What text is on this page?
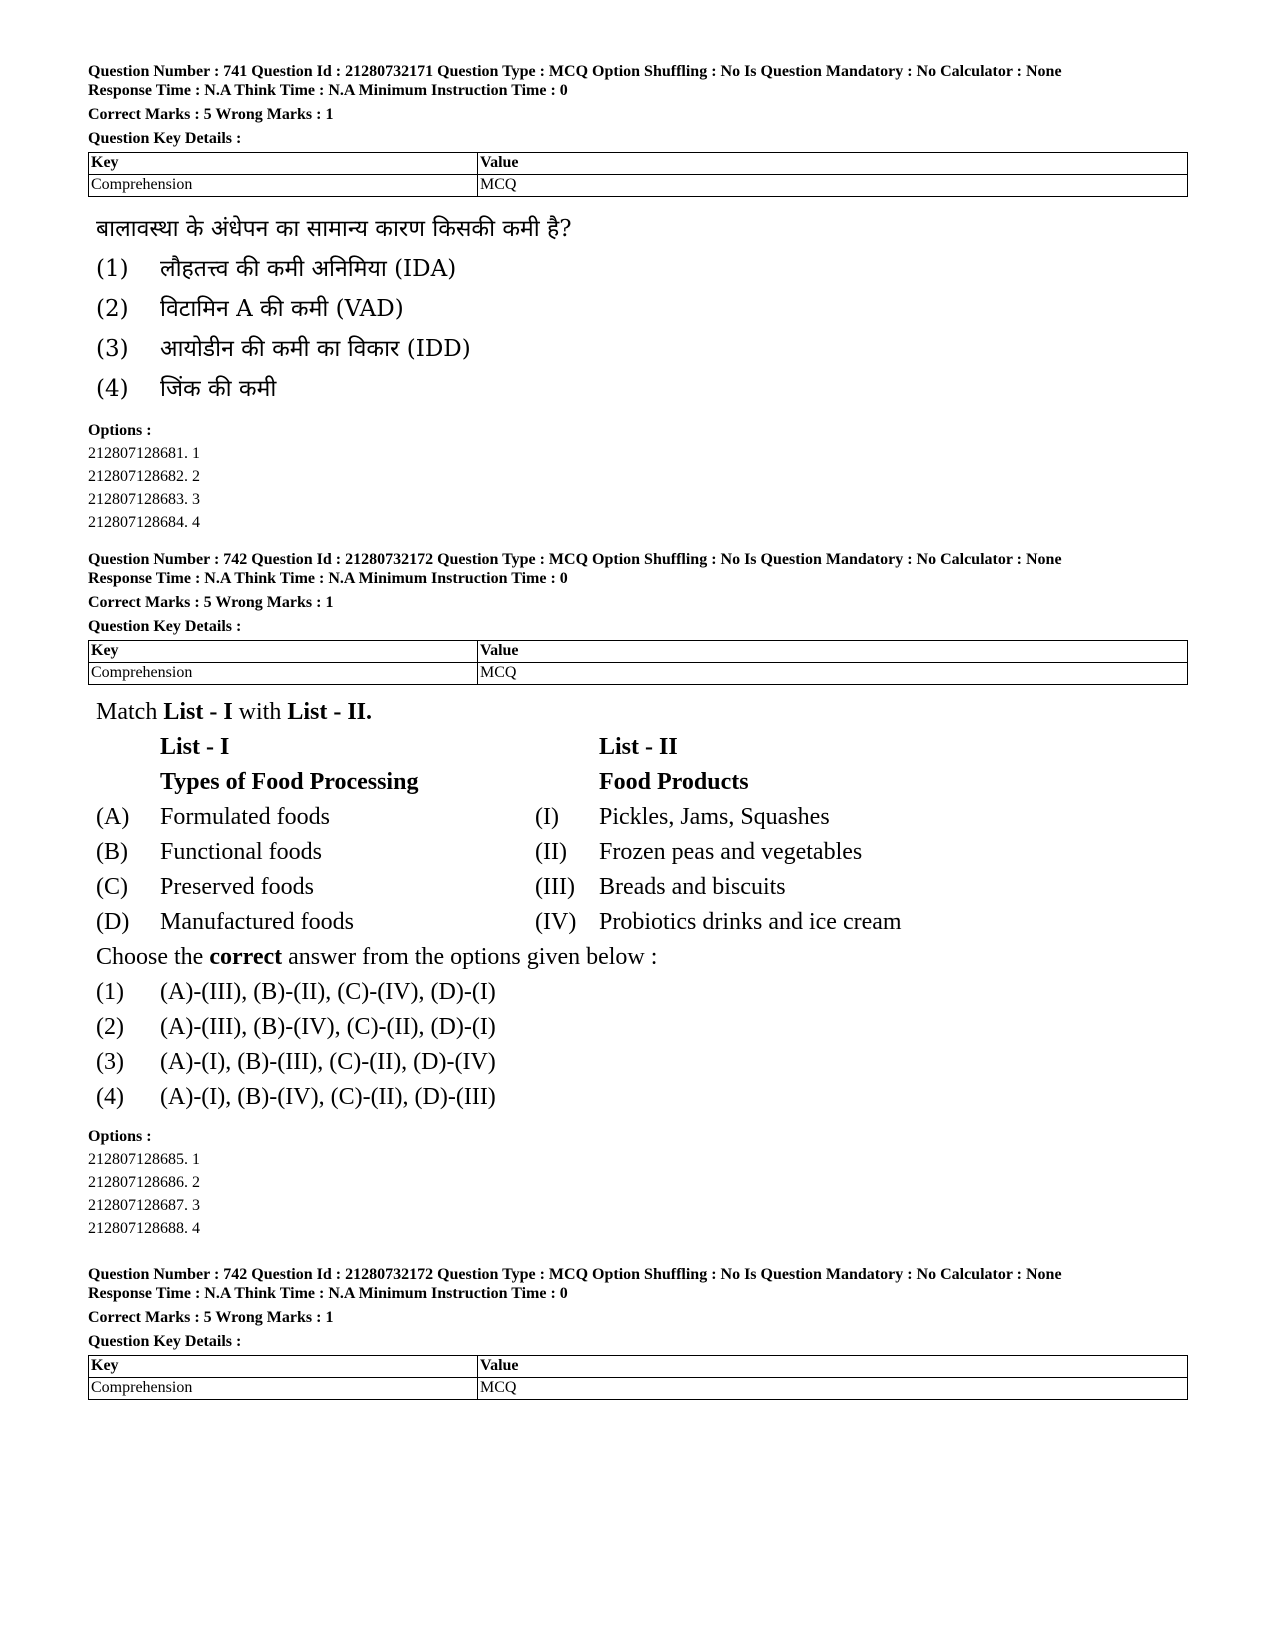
Question Number : 741 Question Id : 21280732171 Question Type : MCQ Option Shuffling : No Is Question Mandatory : No Calculator : None

Response Time : N.A Think Time : N.A Minimum Instruction Time : 0

Correct Marks : 5 Wrong Marks : 1

Question Key Details :

Key	Value
Comprehension	MCQ
बालावस्था के अंधेपन का सामान्य कारण किसकी कमी है?
(1)	लौहतत्त्व की कमी अनिमिया (IDA)
(2)	विटामिन A की कमी (VAD)
(3)	आयोडीन की कमी का विकार (IDD)
(4)	जिंक की कमी
Options :
212807128681. 1
212807128682. 2
212807128683. 3
212807128684. 4

Question Number : 742 Question Id : 21280732172 Question Type : MCQ Option Shuffling : No Is Question Mandatory : No Calculator : None

Response Time : N.A Think Time : N.A Minimum Instruction Time : 0

Correct Marks : 5 Wrong Marks : 1

Question Key Details :

Key	Value
Comprehension	MCQ
Match List - I with List - II.
List - I	List - II
Types of Food Processing	Food Products
(A)	Formulated foods	(I)	Pickles, Jams, Squashes
(B)	Functional foods	(II)	Frozen peas and vegetables
(C)	Preserved foods	(III)	Breads and biscuits
(D)	Manufactured foods	(IV) Probiotics drinks and ice cream
Choose the correct answer from the options given below :
(1)	(A)-(III), (B)-(II), (C)-(IV), (D)-(I)
(2)	(A)-(III), (B)-(IV), (C)-(II), (D)-(I)
(3)	(A)-(I), (B)-(III), (C)-(II), (D)-(IV)
(4)	(A)-(I), (B)-(IV), (C)-(II), (D)-(III)
Options :
212807128685. 1
212807128686. 2
212807128687. 3
212807128688. 4

Question Number : 742 Question Id : 21280732172 Question Type : MCQ Option Shuffling : No Is Question Mandatory : No Calculator : None

Response Time : N.A Think Time : N.A Minimum Instruction Time : 0

Correct Marks : 5 Wrong Marks : 1

Question Key Details :

Key	Value
Comprehension	MCQ
